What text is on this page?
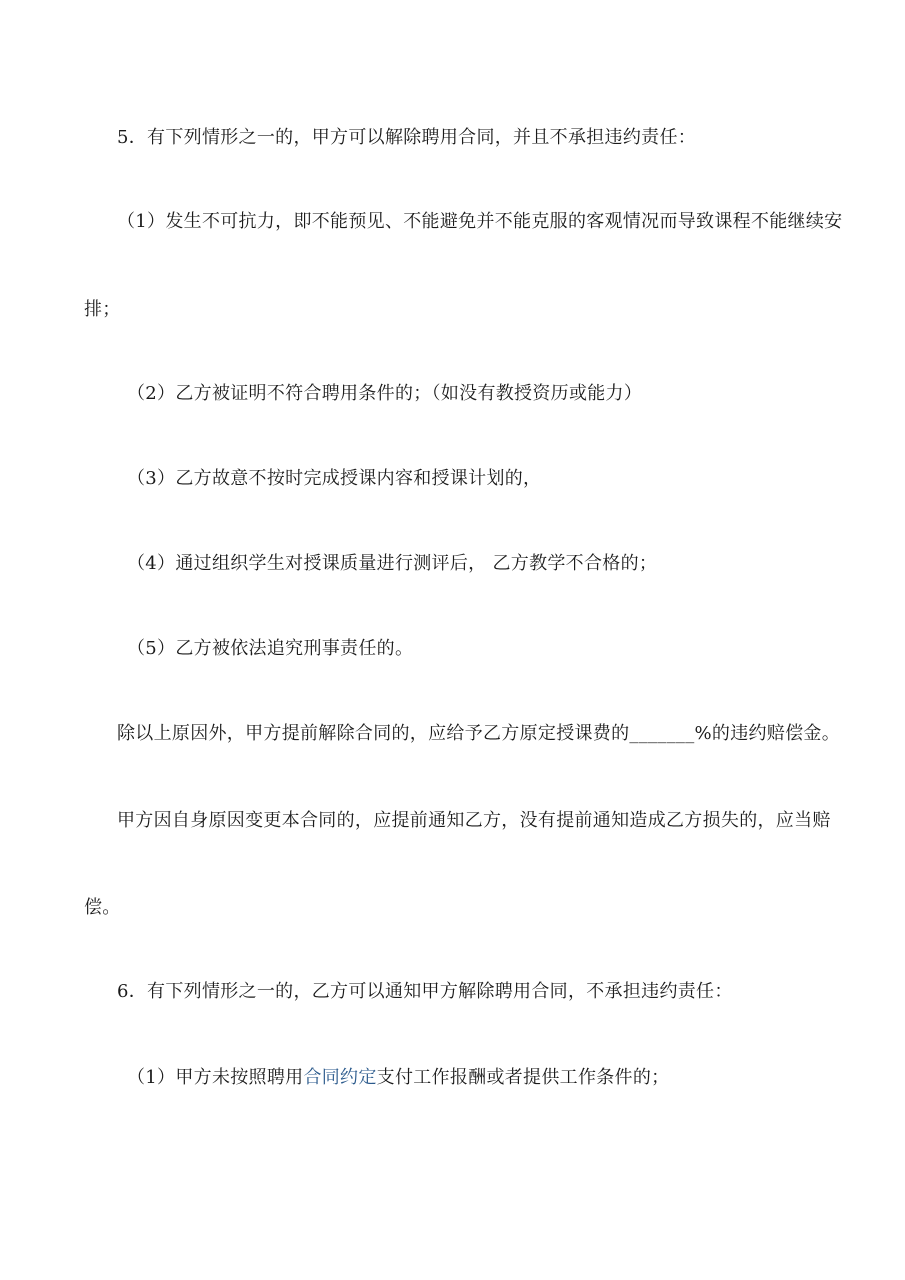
5．有下列情形之一的，甲方可以解除聘用合同，并且不承担违约责任：
（1）发生不可抗力，即不能预见、不能避免并不能克服的客观情况而导致课程不能继续安
排；
（2）乙方被证明不符合聘用条件的；（如没有教授资历或能力）
（3）乙方故意不按时完成授课内容和授课计划的，
（4）通过组织学生对授课质量进行测评后， 乙方教学不合格的；
（5）乙方被依法追究刑事责任的。
除以上原因外，甲方提前解除合同的，应给予乙方原定授课费的_______%的违约赔偿金。
甲方因自身原因变更本合同的，应提前通知乙方，没有提前通知造成乙方损失的，应当赔
偿。
6．有下列情形之一的，乙方可以通知甲方解除聘用合同，不承担违约责任：
（1）甲方未按照聘用合同约定支付工作报酬或者提供工作条件的；
